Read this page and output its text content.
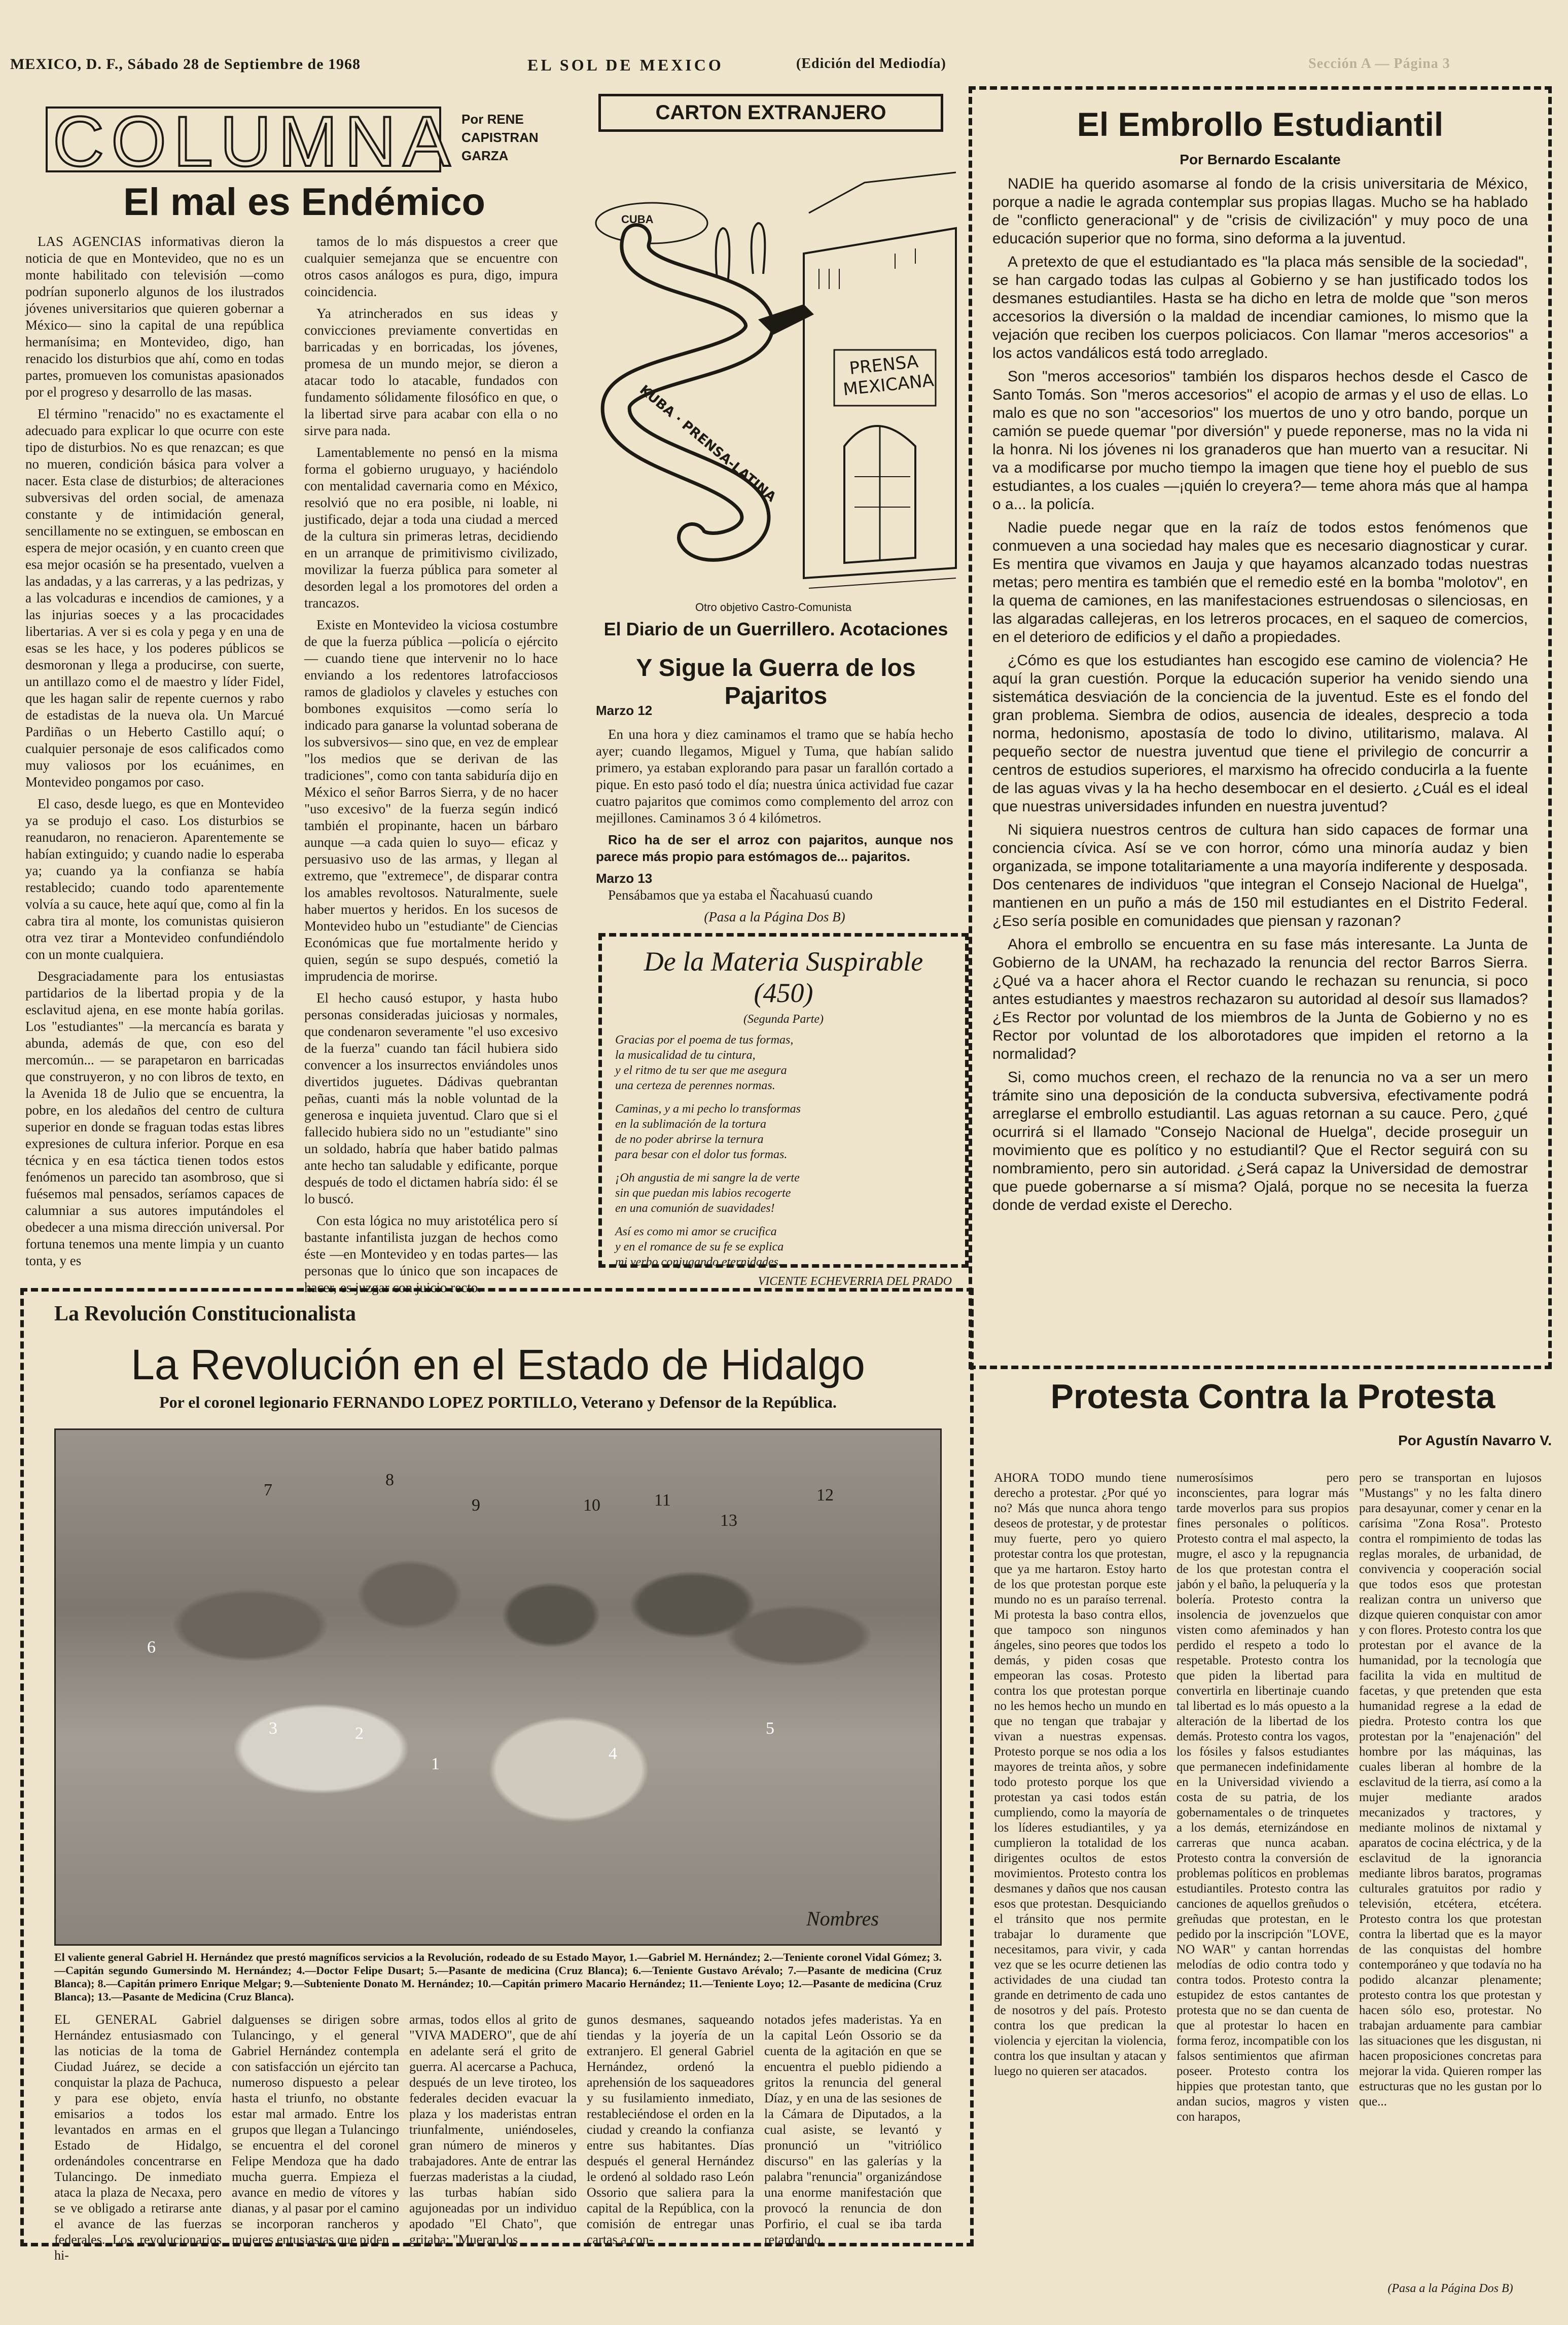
MEXICO, D. F., Sábado 28 de Septiembre de 1968	EL SOL DE MEXICO	(Edición del Mediodía)	Sección A — Página 3
COLUMNA Por RENE
CAPISTRAN
GARZA
El mal es Endémico

LAS AGENCIAS informativas dieron la noticia de que en Montevideo, que no es un monte habilitado con televisión —como podrían suponerlo algunos de los ilustrados jóvenes universitarios que quieren gobernar a México— sino la capital de una república hermanísima; en Montevideo, digo, han renacido los disturbios que ahí, como en todas partes, promueven los comunistas apasionados por el progreso y desarrollo de las masas.

El término "renacido" no es exactamente el adecuado para explicar lo que ocurre con este tipo de disturbios. No es que renazcan; es que no mueren, condición básica para volver a nacer. Esta clase de disturbios; de alteraciones subversivas del orden social, de amenaza constante y de intimidación general, sencillamente no se extinguen, se emboscan en espera de mejor ocasión, y en cuanto creen que esa mejor ocasión se ha presentado, vuelven a las andadas, y a las carreras, y a las pedrizas, y a las volcaduras e incendios de camiones, y a las injurias soeces y a las procacidades libertarias. A ver si es cola y pega y en una de esas se les hace, y los poderes públicos se desmoronan y llega a producirse, con suerte, un antillazo como el de maestro y líder Fidel, que les hagan salir de repente cuernos y rabo de estadistas de la nueva ola. Un Marcué Pardiñas o un Heberto Castillo aquí; o cualquier personaje de esos calificados como muy valiosos por los ecuánimes, en Montevideo pongamos por caso.

El caso, desde luego, es que en Montevideo ya se produjo el caso. Los disturbios se reanudaron, no renacieron. Aparentemente se habían extinguido; y cuando nadie lo esperaba ya; cuando ya la confianza se había restablecido; cuando todo aparentemente volvía a su cauce, hete aquí que, como al fin la cabra tira al monte, los comunistas quisieron otra vez tirar a Montevideo confundiéndolo con un monte cualquiera.

Desgraciadamente para los entusiastas partidarios de la libertad propia y de la esclavitud ajena, en ese monte había gorilas. Los "estudiantes" —la mercancía es barata y abunda, además de que, con eso del mercomún... — se parapetaron en barricadas que construyeron, y no con libros de texto, en la Avenida 18 de Julio que se encuentra, la pobre, en los aledaños del centro de cultura superior en donde se fraguan todas estas libres expresiones de cultura inferior. Porque en esa técnica y en esa táctica tienen todos estos fenómenos un parecido tan asombroso, que si fuésemos mal pensados, seríamos capaces de calumniar a sus autores imputándoles el obedecer a una misma dirección universal. Por fortuna tenemos una mente limpia y un cuanto tonta, y es

tamos de lo más dispuestos a creer que cualquier semejanza que se encuentre con otros casos análogos es pura, digo, impura coincidencia.

Ya atrincherados en sus ideas y convicciones previamente convertidas en barricadas y en borricadas, los jóvenes, promesa de un mundo mejor, se dieron a atacar todo lo atacable, fundados con fundamento sólidamente filosófico en que, o la libertad sirve para acabar con ella o no sirve para nada.

Lamentablemente no pensó en la misma forma el gobierno uruguayo, y haciéndolo con mentalidad cavernaria como en México, resolvió que no era posible, ni loable, ni justificado, dejar a toda una ciudad a merced de la cultura sin primeras letras, decidiendo en un arranque de primitivismo civilizado, movilizar la fuerza pública para someter al desorden legal a los promotores del orden a trancazos.

Existe en Montevideo la viciosa costumbre de que la fuerza pública —policía o ejército— cuando tiene que intervenir no lo hace enviando a los redentores latrofacciosos ramos de gladiolos y claveles y estuches con bombones exquisitos —como sería lo indicado para ganarse la voluntad soberana de los subversivos— sino que, en vez de emplear "los medios que se derivan de las tradiciones", como con tanta sabiduría dijo en México el señor Barros Sierra, y de no hacer "uso excesivo" de la fuerza según indicó también el propinante, hacen un bárbaro aunque —a cada quien lo suyo— eficaz y persuasivo uso de las armas, y llegan al extremo, que "extremece", de disparar contra los amables revoltosos. Naturalmente, suele haber muertos y heridos. En los sucesos de Montevideo hubo un "estudiante" de Ciencias Económicas que fue mortalmente herido y quien, según se supo después, cometió la imprudencia de morirse.

El hecho causó estupor, y hasta hubo personas consideradas juiciosas y normales, que condenaron severamente "el uso excesivo de la fuerza" cuando tan fácil hubiera sido convencer a los insurrectos enviándoles unos divertidos juguetes. Dádivas quebrantan peñas, cuanti más la noble voluntad de la generosa e inquieta juventud. Claro que si el fallecido hubiera sido no un "estudiante" sino un soldado, habría que haber batido palmas ante hecho tan saludable y edificante, porque después de todo el dictamen habría sido: él se lo buscó.

Con esta lógica no muy aristotélica pero sí bastante infantilista juzgan de hechos como éste —en Montevideo y en todas partes— las personas que lo único que son incapaces de hacer, es juzgar con juicio recto.

CARTON EXTRANJERO
CUBA
PRENSA MEXICANA
KUBA · PRENSA-LATINA
Otro objetivo Castro-Comunista
El Diario de un Guerrillero. Acotaciones
Y Sigue la Guerra de los Pajaritos
Marzo 12

En una hora y diez caminamos el tramo que se había hecho ayer; cuando llegamos, Miguel y Tuma, que habían salido primero, ya estaban explorando para pasar un farallón cortado a pique. En esto pasó todo el día; nuestra única actividad fue cazar cuatro pajaritos que comimos como complemento del arroz con mejillones. Caminamos 3 ó 4 kilómetros.

Rico ha de ser el arroz con pajaritos, aunque nos parece más propio para estómagos de... pajaritos.

Marzo 13

Pensábamos que ya estaba el Ñacahuasú cuando

(Pasa a la Página Dos B)
De la Materia Suspirable (450)
(Segunda Parte)
Gracias por el poema de tus formas,
la musicalidad de tu cintura,
y el ritmo de tu ser que me asegura
una certeza de perennes normas.
Caminas, y a mi pecho lo transformas
en la sublimación de la tortura
de no poder abrirse la ternura
para besar con el dolor tus formas.
¡Oh angustia de mi sangre la de verte
sin que puedan mis labios recogerte
en una comunión de suavidades!
Así es como mi amor se crucifica
y en el romance de su fe se explica
mi verbo conjugando eternidades.
VICENTE ECHEVERRIA DEL PRADO
El Embrollo Estudiantil
Por Bernardo Escalante

NADIE ha querido asomarse al fondo de la crisis universitaria de México, porque a nadie le agrada contemplar sus propias llagas. Mucho se ha hablado de "conflicto generacional" y de "crisis de civilización" y muy poco de una educación superior que no forma, sino deforma a la juventud.

A pretexto de que el estudiantado es "la placa más sensible de la sociedad", se han cargado todas las culpas al Gobierno y se han justificado todos los desmanes estudiantiles. Hasta se ha dicho en letra de molde que "son meros accesorios la diversión o la maldad de incendiar camiones, lo mismo que la vejación que reciben los cuerpos policiacos. Con llamar "meros accesorios" a los actos vandálicos está todo arreglado.

Son "meros accesorios" también los disparos hechos desde el Casco de Santo Tomás. Son "meros accesorios" el acopio de armas y el uso de ellas. Lo malo es que no son "accesorios" los muertos de uno y otro bando, porque un camión se puede quemar "por diversión" y puede reponerse, mas no la vida ni la honra. Ni los jóvenes ni los granaderos que han muerto van a resucitar. Ni va a modificarse por mucho tiempo la imagen que tiene hoy el pueblo de sus estudiantes, a los cuales —¡quién lo creyera?— teme ahora más que al hampa o a... la policía.

Nadie puede negar que en la raíz de todos estos fenómenos que conmueven a una sociedad hay males que es necesario diagnosticar y curar. Es mentira que vivamos en Jauja y que hayamos alcanzado todas nuestras metas; pero mentira es también que el remedio esté en la bomba "molotov", en la quema de camiones, en las manifestaciones estruendosas o silenciosas, en las algaradas callejeras, en los letreros procaces, en el saqueo de comercios, en el deterioro de edificios y el daño a propiedades.

¿Cómo es que los estudiantes han escogido ese camino de violencia? He aquí la gran cuestión. Porque la educación superior ha venido siendo una sistemática desviación de la conciencia de la juventud. Este es el fondo del gran problema. Siembra de odios, ausencia de ideales, desprecio a toda norma, hedonismo, apostasía de todo lo divino, utilitarismo, malava. Al pequeño sector de nuestra juventud que tiene el privilegio de concurrir a centros de estudios superiores, el marxismo ha ofrecido conducirla a la fuente de las aguas vivas y la ha hecho desembocar en el desierto. ¿Cuál es el ideal que nuestras universidades infunden en nuestra juventud?

Ni siquiera nuestros centros de cultura han sido capaces de formar una conciencia cívica. Así se ve con horror, cómo una minoría audaz y bien organizada, se impone totalitariamente a una mayoría indiferente y desposada. Dos centenares de individuos "que integran el Consejo Nacional de Huelga", mantienen en un puño a más de 150 mil estudiantes en el Distrito Federal. ¿Eso sería posible en comunidades que piensan y razonan?

Ahora el embrollo se encuentra en su fase más interesante. La Junta de Gobierno de la UNAM, ha rechazado la renuncia del rector Barros Sierra. ¿Qué va a hacer ahora el Rector cuando le rechazan su renuncia, si poco antes estudiantes y maestros rechazaron su autoridad al desoír sus llamados? ¿Es Rector por voluntad de los miembros de la Junta de Gobierno y no es Rector por voluntad de los alborotadores que impiden el retorno a la normalidad?

Si, como muchos creen, el rechazo de la renuncia no va a ser un mero trámite sino una deposición de la conducta subversiva, efectivamente podrá arreglarse el embrollo estudiantil. Las aguas retornan a su cauce. Pero, ¿qué ocurrirá si el llamado "Consejo Nacional de Huelga", decide proseguir un movimiento que es político y no estudiantil? Que el Rector seguirá con su nombramiento, pero sin autoridad. ¿Será capaz la Universidad de demostrar que puede gobernarse a sí misma? Ojalá, porque no se necesita la fuerza donde de verdad existe el Derecho.

La Revolución Constitucionalista
La Revolución en el Estado de Hidalgo
Por el coronel legionario FERNANDO LOPEZ PORTILLO, Veterano y Defensor de la República.
1
2
3
4
5
6
7
8
9	10	11	12
13
Nombres
El valiente general Gabriel H. Hernández que prestó magníficos servicios a la Revolución, rodeado de su Estado Mayor, 1.—Gabriel M. Hernández; 2.—Teniente coronel Vidal Gómez; 3.—Capitán segundo Gumersindo M. Hernández; 4.—Doctor Felipe Dusart; 5.—Pasante de medicina (Cruz Blanca); 6.—Teniente Gustavo Arévalo; 7.—Pasante de medicina (Cruz Blanca); 8.—Capitán primero Enrique Melgar; 9.—Subteniente Donato M. Hernández; 10.—Capitán primero Macario Hernández; 11.—Teniente Loyo; 12.—Pasante de medicina (Cruz Blanca); 13.—Pasante de Medicina (Cruz Blanca).
EL GENERAL Gabriel Hernández entusiasmado con las noticias de la toma de Ciudad Juárez, se decide a conquistar la plaza de Pachuca, y para ese objeto, envía emisarios a todos los levantados en armas en el Estado de Hidalgo, ordenándoles concentrarse en Tulancingo. De inmediato ataca la plaza de Necaxa, pero se ve obligado a retirarse ante el avance de las fuerzas federales. Los revolucionarios hi-
dalguenses se dirigen sobre Tulancingo, y el general Gabriel Hernández contempla con satisfacción un ejército tan numeroso dispuesto a pelear hasta el triunfo, no obstante estar mal armado. Entre los grupos que llegan a Tulancingo se encuentra el del coronel Felipe Mendoza que ha dado mucha guerra. Empieza el avance en medio de vítores y dianas, y al pasar por el camino se incorporan rancheros y mujeres entusiastas que piden
armas, todos ellos al grito de "VIVA MADERO", que de ahí en adelante será el grito de guerra. Al acercarse a Pachuca, después de un leve tiroteo, los federales deciden evacuar la plaza y los maderistas entran triunfalmente, uniéndoseles, gran número de mineros y trabajadores. Ante de entrar las fuerzas maderistas a la ciudad, las turbas habían sido agujoneadas por un individuo apodado "El Chato", que gritaba: "Mueran los
gunos desmanes, saqueando tiendas y la joyería de un extranjero. El general Gabriel Hernández, ordenó la aprehensión de los saqueadores y su fusilamiento inmediato, restableciéndose el orden en la ciudad y creando la confianza entre sus habitantes. Días después el general Hernández le ordenó al soldado raso León Ossorio que saliera para la capital de la República, con la comisión de entregar unas cartas a con-
notados jefes maderistas. Ya en la capital León Ossorio se da cuenta de la agitación en que se encuentra el pueblo pidiendo a gritos la renuncia del general Díaz, y en una de las sesiones de la Cámara de Diputados, a la cual asiste, se levantó y pronunció un "vitriólico discurso" en las galerías y la palabra "renuncia" organizándose una enorme manifestación que provocó la renuncia de don Porfirio, el cual se iba tarda retardando.
Protesta Contra la Protesta
Por Agustín Navarro V.
AHORA TODO mundo tiene derecho a protestar. ¿Por qué yo no? Más que nunca ahora tengo deseos de protestar, y de protestar muy fuerte, pero yo quiero protestar contra los que protestan, que ya me hartaron. Estoy harto de los que protestan porque este mundo no es un paraíso terrenal. Mi protesta la baso contra ellos, que tampoco son ningunos ángeles, sino peores que todos los demás, y piden cosas que empeoran las cosas. Protesto contra los que protestan porque no les hemos hecho un mundo en que no tengan que trabajar y vivan a nuestras expensas. Protesto porque se nos odia a los mayores de treinta años, y sobre todo protesto porque los que protestan ya casi todos están cumpliendo, como la mayoría de los líderes estudiantiles, y ya cumplieron la totalidad de los dirigentes ocultos de estos movimientos. Protesto contra los desmanes y daños que nos causan esos que protestan. Desquiciando el tránsito que nos permite trabajar lo duramente que necesitamos, para vivir, y cada vez que se les ocurre detienen las actividades de una ciudad tan grande en detrimento de cada uno de nosotros y del país. Protesto contra los que predican la violencia y ejercitan la violencia, contra los que insultan y atacan y luego no quieren ser atacados.
numerosísimos pero inconscientes, para lograr más tarde moverlos para sus propios fines personales o políticos. Protesto contra el mal aspecto, la mugre, el asco y la repugnancia de los que protestan contra el jabón y el baño, la peluquería y la bolería. Protesto contra la insolencia de jovenzuelos que visten como afeminados y han perdido el respeto a todo lo respetable. Protesto contra los que piden la libertad para convertirla en libertinaje cuando tal libertad es lo más opuesto a la alteración de la libertad de los demás. Protesto contra los vagos, los fósiles y falsos estudiantes que permanecen indefinidamente en la Universidad viviendo a costa de su patria, de los gobernamentales o de trinquetes a los demás, eternizándose en carreras que nunca acaban. Protesto contra la conversión de problemas políticos en problemas estudiantiles. Protesto contra las canciones de aquellos greñudos o greñudas que protestan, en le pedido por la inscripción "LOVE, NO WAR" y cantan horrendas melodías de odio contra todo y contra todos. Protesto contra la estupidez de estos cantantes de protesta que no se dan cuenta de que al protestar lo hacen en forma feroz, incompatible con los falsos sentimientos que afirman poseer. Protesto contra los hippies que protestan tanto, que andan sucios, magros y visten con harapos,
pero se transportan en lujosos "Mustangs" y no les falta dinero para desayunar, comer y cenar en la carísima "Zona Rosa". Protesto contra el rompimiento de todas las reglas morales, de urbanidad, de convivencia y cooperación social que todos esos que protestan realizan contra un universo que dizque quieren conquistar con amor y con flores. Protesto contra los que protestan por el avance de la humanidad, por la tecnología que facilita la vida en multitud de facetas, y que pretenden que esta humanidad regrese a la edad de piedra. Protesto contra los que protestan por la "enajenación" del hombre por las máquinas, las cuales liberan al hombre de la esclavitud de la tierra, así como a la mujer mediante arados mecanizados y tractores, y mediante molinos de nixtamal y aparatos de cocina eléctrica, y de la esclavitud de la ignorancia mediante libros baratos, programas culturales gratuitos por radio y televisión, etcétera, etcétera. Protesto contra los que protestan contra la libertad que es la mayor de las conquistas del hombre contemporáneo y que todavía no ha podido alcanzar plenamente; protesto contra los que protestan y hacen sólo eso, protestar. No trabajan arduamente para cambiar las situaciones que les disgustan, ni hacen proposiciones concretas para mejorar la vida. Quieren romper las estructuras que no les gustan por lo que...
(Pasa a la Página Dos B)
